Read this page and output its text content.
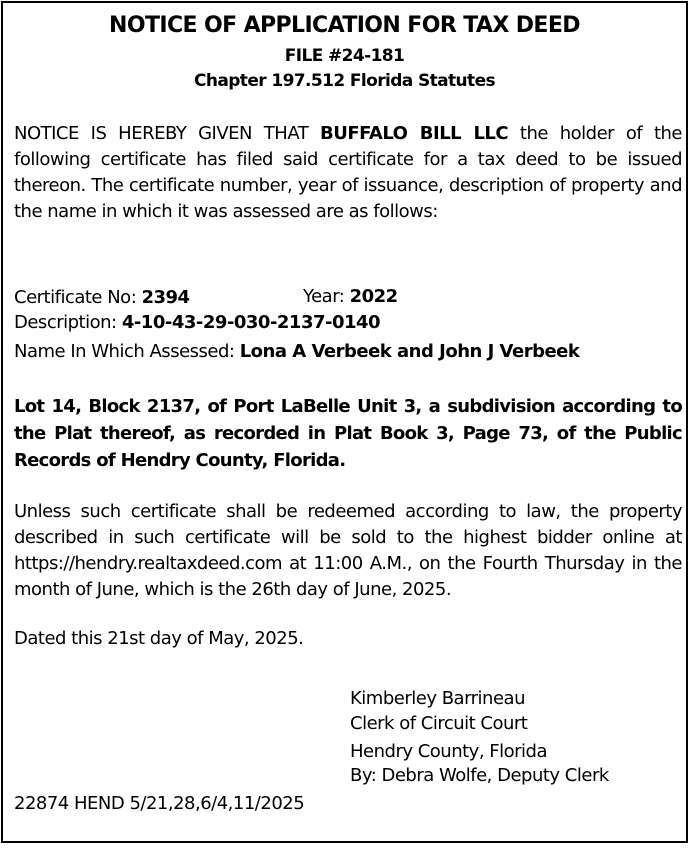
NOTICE OF APPLICATION FOR TAX DEED
FILE #24-181
Chapter 197.512 Florida Statutes
NOTICE IS HEREBY GIVEN THAT BUFFALO BILL LLC the holder of the following certificate has filed said certificate for a tax deed to be issued thereon. The certificate number, year of issuance, description of property and the name in which it was assessed are as follows:
Certificate No: 2394	Year: 2022
Description: 4-10-43-29-030-2137-0140
Name In Which Assessed: Lona A Verbeek and John J Verbeek
Lot 14, Block 2137, of Port LaBelle Unit 3, a subdivision according to the Plat thereof, as recorded in Plat Book 3, Page 73, of the Public Records of Hendry County, Florida.
Unless such certificate shall be redeemed according to law, the property described in such certificate will be sold to the highest bidder online at https://hendry.realtaxdeed.com at 11:00 A.M., on the Fourth Thursday in the month of June, which is the 26th day of June, 2025.
Dated this 21st day of May, 2025.
Kimberley Barrineau
Clerk of Circuit Court
Hendry County, Florida
By: Debra Wolfe, Deputy Clerk
22874 HEND 5/21,28,6/4,11/2025
